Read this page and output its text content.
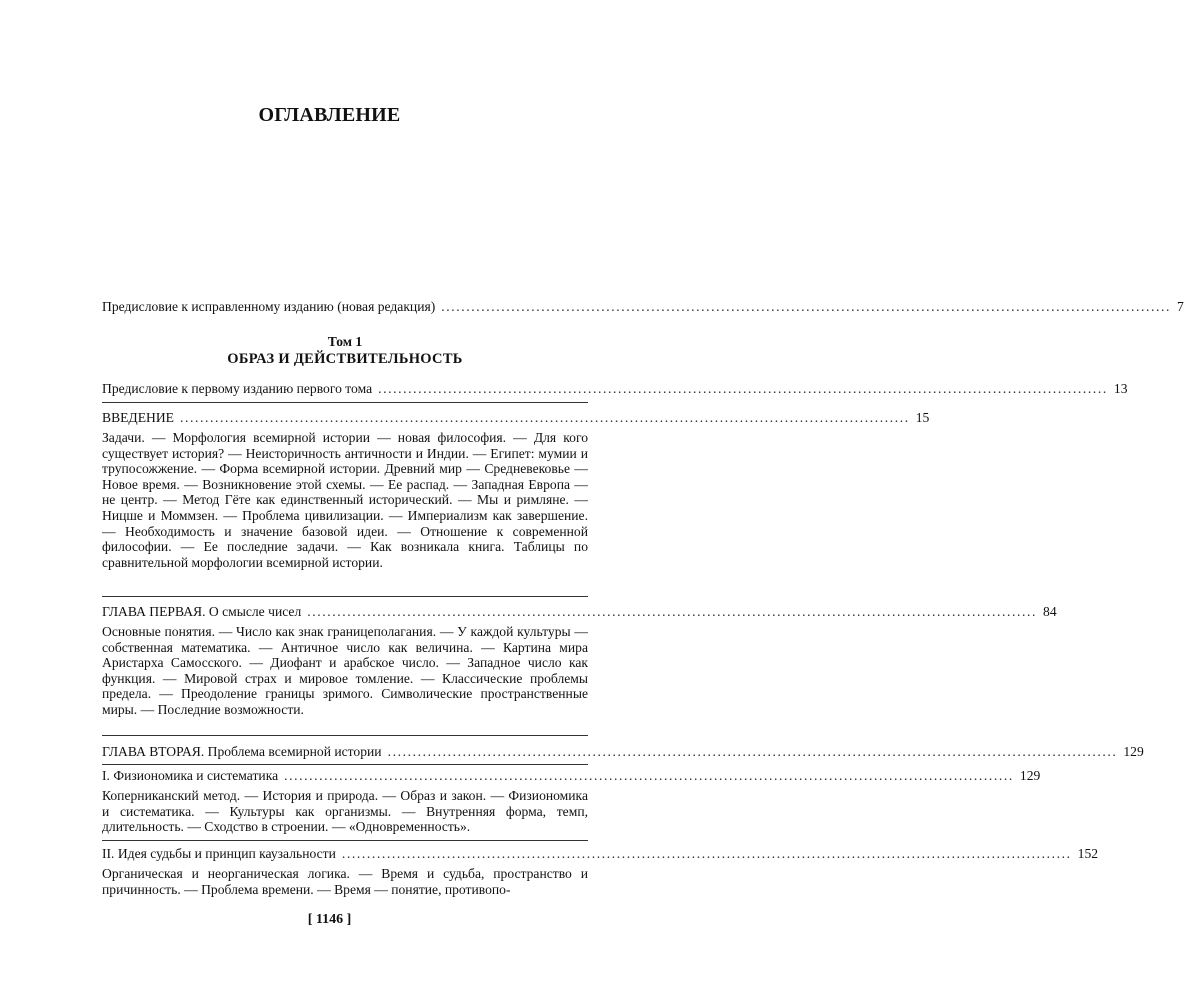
ОГЛАВЛЕНИЕ
Предисловие к исправленному изданию (новая редакция) .................................................................................................................................................. 7
Том 1
ОБРАЗ И ДЕЙСТВИТЕЛЬНОСТЬ
Предисловие к первому изданию первого тома .................................................................................................................................................. 13
ВВЕДЕНИЕ .................................................................................................................................................. 15
Задачи. — Морфология всемирной истории — новая философия. — Для кого существует история? — Неисторичность античности и Индии. — Египет: мумии и трупосожжение. — Форма всемирной истории. Древний мир — Средневековье — Новое время. — Возникновение этой схемы. — Ее распад. — Западная Европа — не центр. — Метод Гёте как единственный исторический. — Мы и римляне. — Ницше и Моммзен. — Проблема цивилизации. — Империализм как завершение. — Необходимость и значение базовой идеи. — Отношение к современной философии. — Ее последние задачи. — Как возникала книга. Таблицы по сравнительной морфологии всемирной истории.
ГЛАВА ПЕРВАЯ. О смысле чисел .................................................................................................................................................. 84
Основные понятия. — Число как знак границеполагания. — У каждой культуры — собственная математика. — Античное число как величина. — Картина мира Аристарха Самосского. — Диофант и арабское число. — Западное число как функция. — Мировой страх и мировое томление. — Классические проблемы предела. — Преодоление границы зримого. Символические пространственные миры. — Последние возможности.
ГЛАВА ВТОРАЯ. Проблема всемирной истории .................................................................................................................................................. 129
I. Физиономика и систематика .................................................................................................................................................. 129
Коперниканский метод. — История и природа. — Образ и закон. — Физиономика и систематика. — Культуры как организмы. — Внутренняя форма, темп, длительность. — Сходство в строении. — «Одновременность».
II. Идея судьбы и принцип каузальности .................................................................................................................................................. 152
Органическая и неорганическая логика. — Время и судьба, пространство и причинность. — Проблема времени. — Время — понятие, противопо-
[ 1146 ]
